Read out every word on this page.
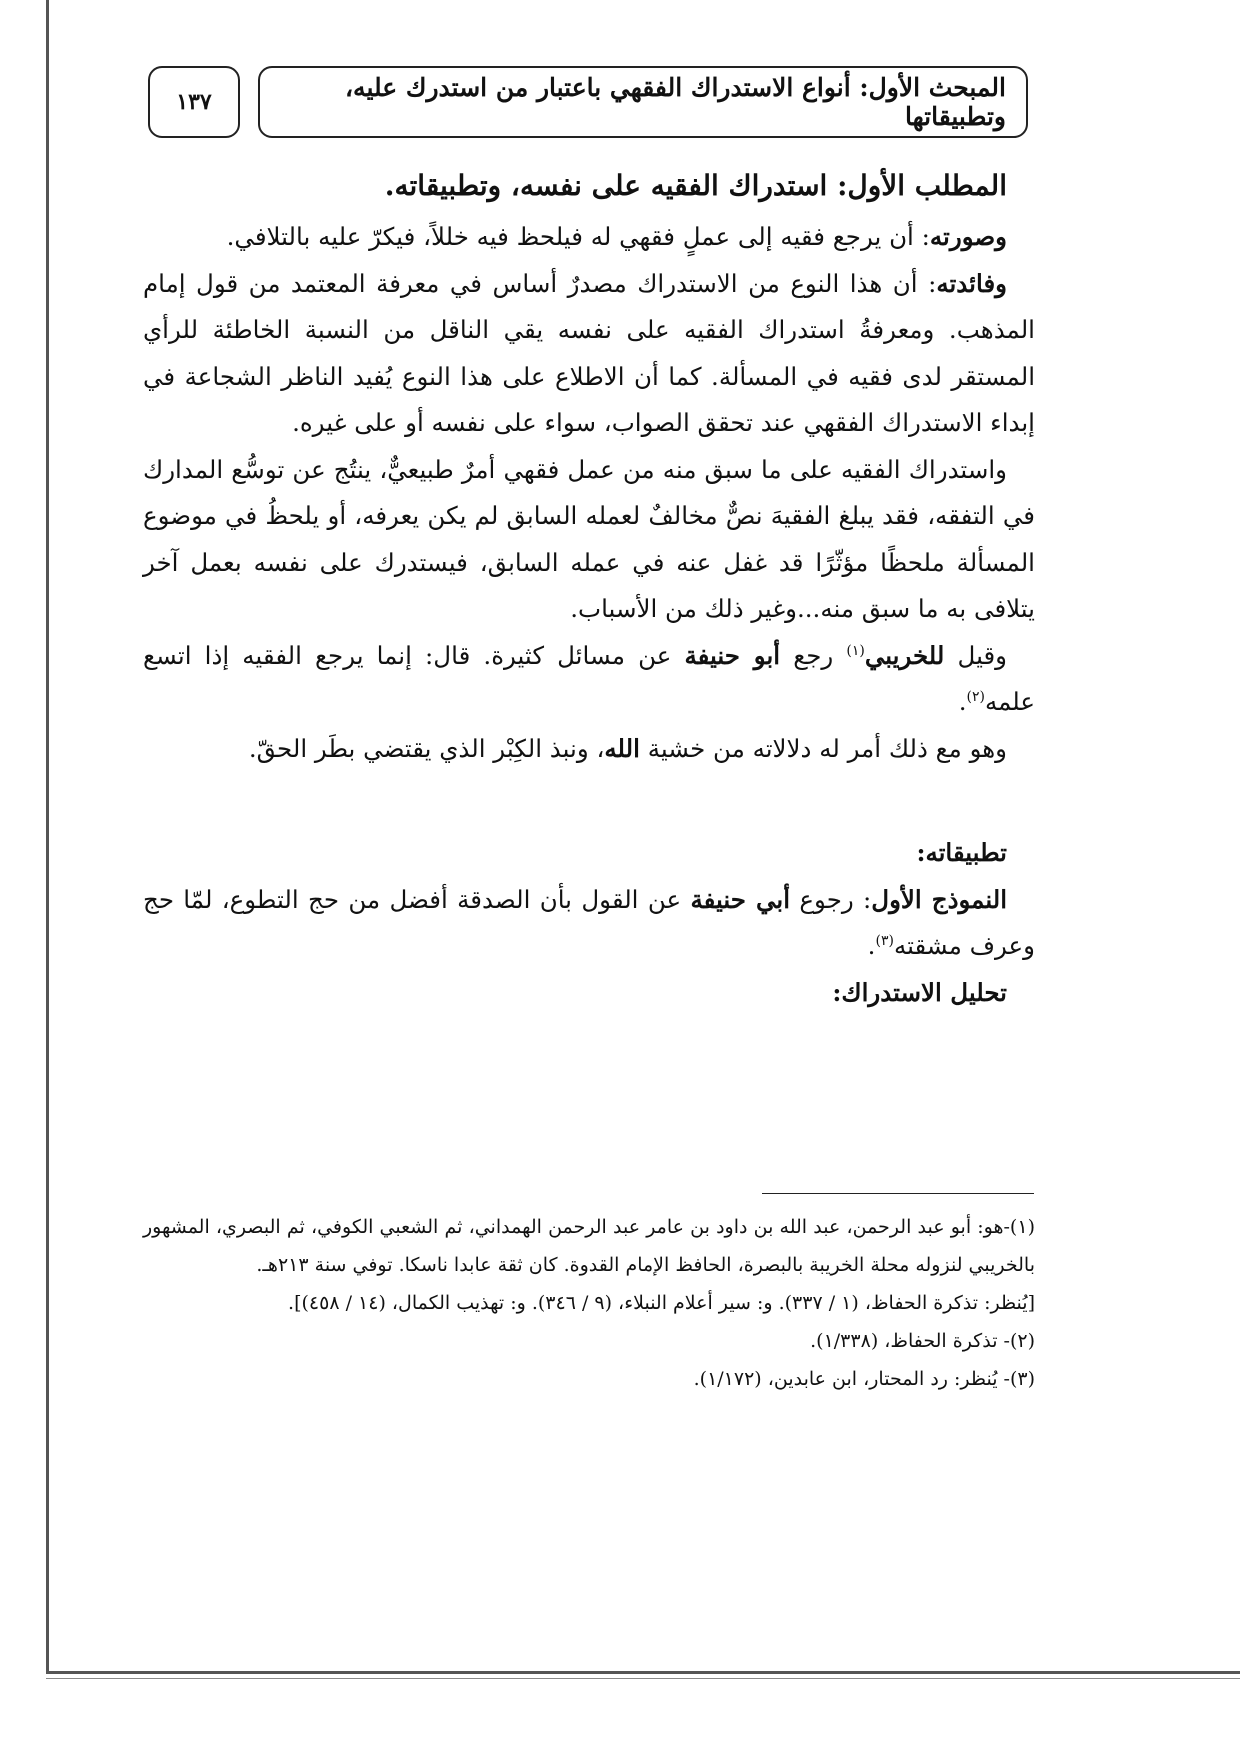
المبحث الأول: أنواع الاستدراك الفقهي باعتبار من استدرك عليه، وتطبيقاتها
١٣٧

المطلب الأول: استدراك الفقيه على نفسه، وتطبيقاته.

وصورته: أن يرجع فقيه إلى عملٍ فقهي له فيلحظ فيه خللاً، فيكرّ عليه بالتلافي.

وفائدته: أن هذا النوع من الاستدراك مصدرٌ أساس في معرفة المعتمد من قول إمام المذهب. ومعرفةُ استدراك الفقيه على نفسه يقي الناقل من النسبة الخاطئة للرأي المستقر لدى فقيه في المسألة. كما أن الاطلاع على هذا النوع يُفيد الناظر الشجاعة في إبداء الاستدراك الفقهي عند تحقق الصواب، سواء على نفسه أو على غيره.

واستدراك الفقيه على ما سبق منه من عمل فقهي أمرٌ طبيعيٌّ، ينتُج عن توسُّع المدارك في التفقه، فقد يبلغ الفقيهَ نصٌّ مخالفٌ لعمله السابق لم يكن يعرفه، أو يلحظُ في موضوع المسألة ملحظًا مؤثّرًا قد غفل عنه في عمله السابق، فيستدرك على نفسه بعمل آخر يتلافى به ما سبق منه...وغير ذلك من الأسباب.

وقيل للخريبي$^{(١)}$ رجع أبو حنيفة عن مسائل كثيرة. قال: إنما يرجع الفقيه إذا اتسع علمه$^{(٢)}$.

وهو مع ذلك أمر له دلالاته من خشية الله، ونبذ الكِبْر الذي يقتضي بطَر الحقّ.

تطبيقاته:

النموذج الأول: رجوع أبي حنيفة عن القول بأن الصدقة أفضل من حج التطوع، لمّا حج وعرف مشقته$^{(٣)}$.

تحليل الاستدراك:

(١)-هو: أبو عبد الرحمن، عبد الله بن داود بن عامر عبد الرحمن الهمداني، ثم الشعبي الكوفي، ثم البصري، المشهور بالخريبي لنزوله محلة الخريبة بالبصرة، الحافظ الإمام القدوة. كان ثقة عابدا ناسكا. توفي سنة ٢١٣هـ.

[يُنظر: تذكرة الحفاظ، (١ / ٣٣٧). و: سير أعلام النبلاء، (٩ / ٣٤٦). و: تهذيب الكمال، (١٤ / ٤٥٨)].

(٢)- تذكرة الحفاظ، (١/٣٣٨).

(٣)- يُنظر: رد المحتار، ابن عابدين، (١/١٧٢).
